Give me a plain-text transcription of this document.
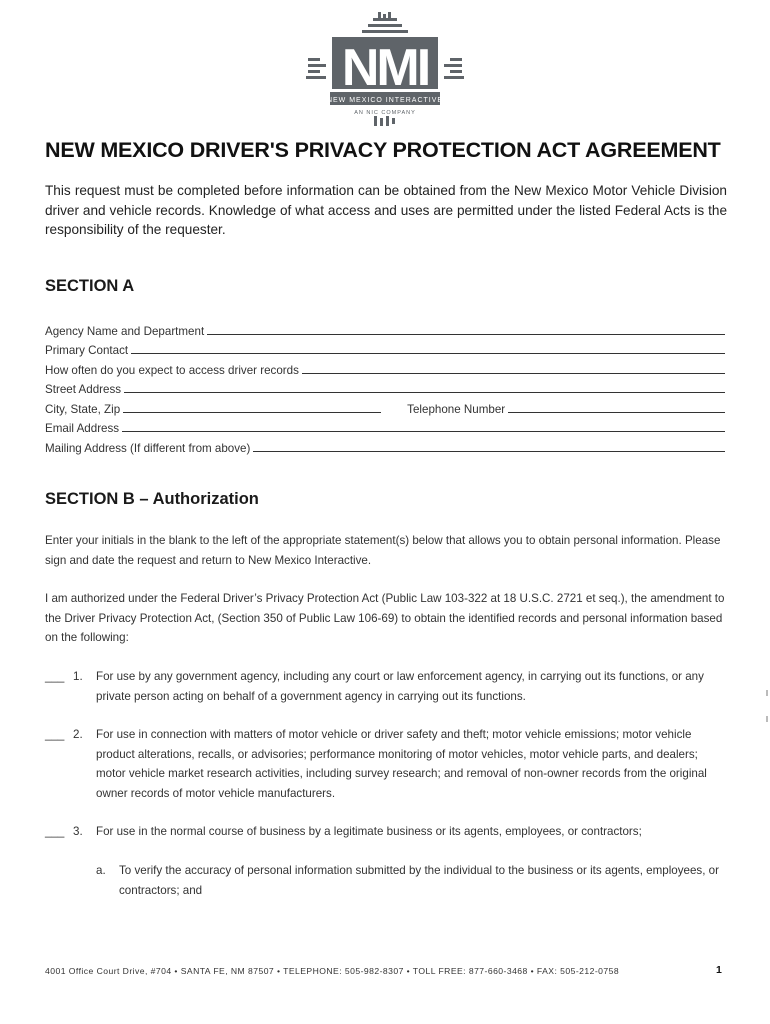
NMI
NEW MEXICO INTERACTIVE
AN NIC COMPANY
NEW MEXICO DRIVER'S PRIVACY PROTECTION ACT AGREEMENT
This request must be completed before information can be obtained from the New Mexico Motor Vehicle Division driver and vehicle records. Knowledge of what access and uses are permitted under the listed Federal Acts is the responsibility of the requester.
SECTION A
Agency Name and Department
Primary Contact
How often do you expect to access driver records
Street Address
City, State, Zip	Telephone Number
Email Address
Mailing Address (If different from above)
SECTION B – Authorization
Enter your initials in the blank to the left of the appropriate statement(s) below that allows you to obtain personal information. Please sign and date the request and return to New Mexico Interactive.
I am authorized under the Federal Driver’s Privacy Protection Act (Public Law 103-322 at 18 U.S.C. 2721 et seq.), the amendment to the Driver Privacy Protection Act, (Section 350 of Public Law 106-69) to obtain the identified records and personal information based on the following:
___ 1. For use by any government agency, including any court or law enforcement agency, in carrying out its functions, or any private person acting on behalf of a government agency in carrying out its functions.
___ 2. For use in connection with matters of motor vehicle or driver safety and theft; motor vehicle emissions; motor vehicle product alterations, recalls, or advisories; performance monitoring of motor vehicles, motor vehicle parts, and dealers; motor vehicle market research activities, including survey research; and removal of non-owner records from the original owner records of motor vehicle manufacturers.
___ 3. For use in the normal course of business by a legitimate business or its agents, employees, or contractors;
a. To verify the accuracy of personal information submitted by the individual to the business or its agents, employees, or contractors; and
4001 Office Court Drive, #704 • SANTA FE, NM 87507 • TELEPHONE: 505-982-8307 • TOLL FREE: 877-660-3468 • FAX: 505-212-0758	1
